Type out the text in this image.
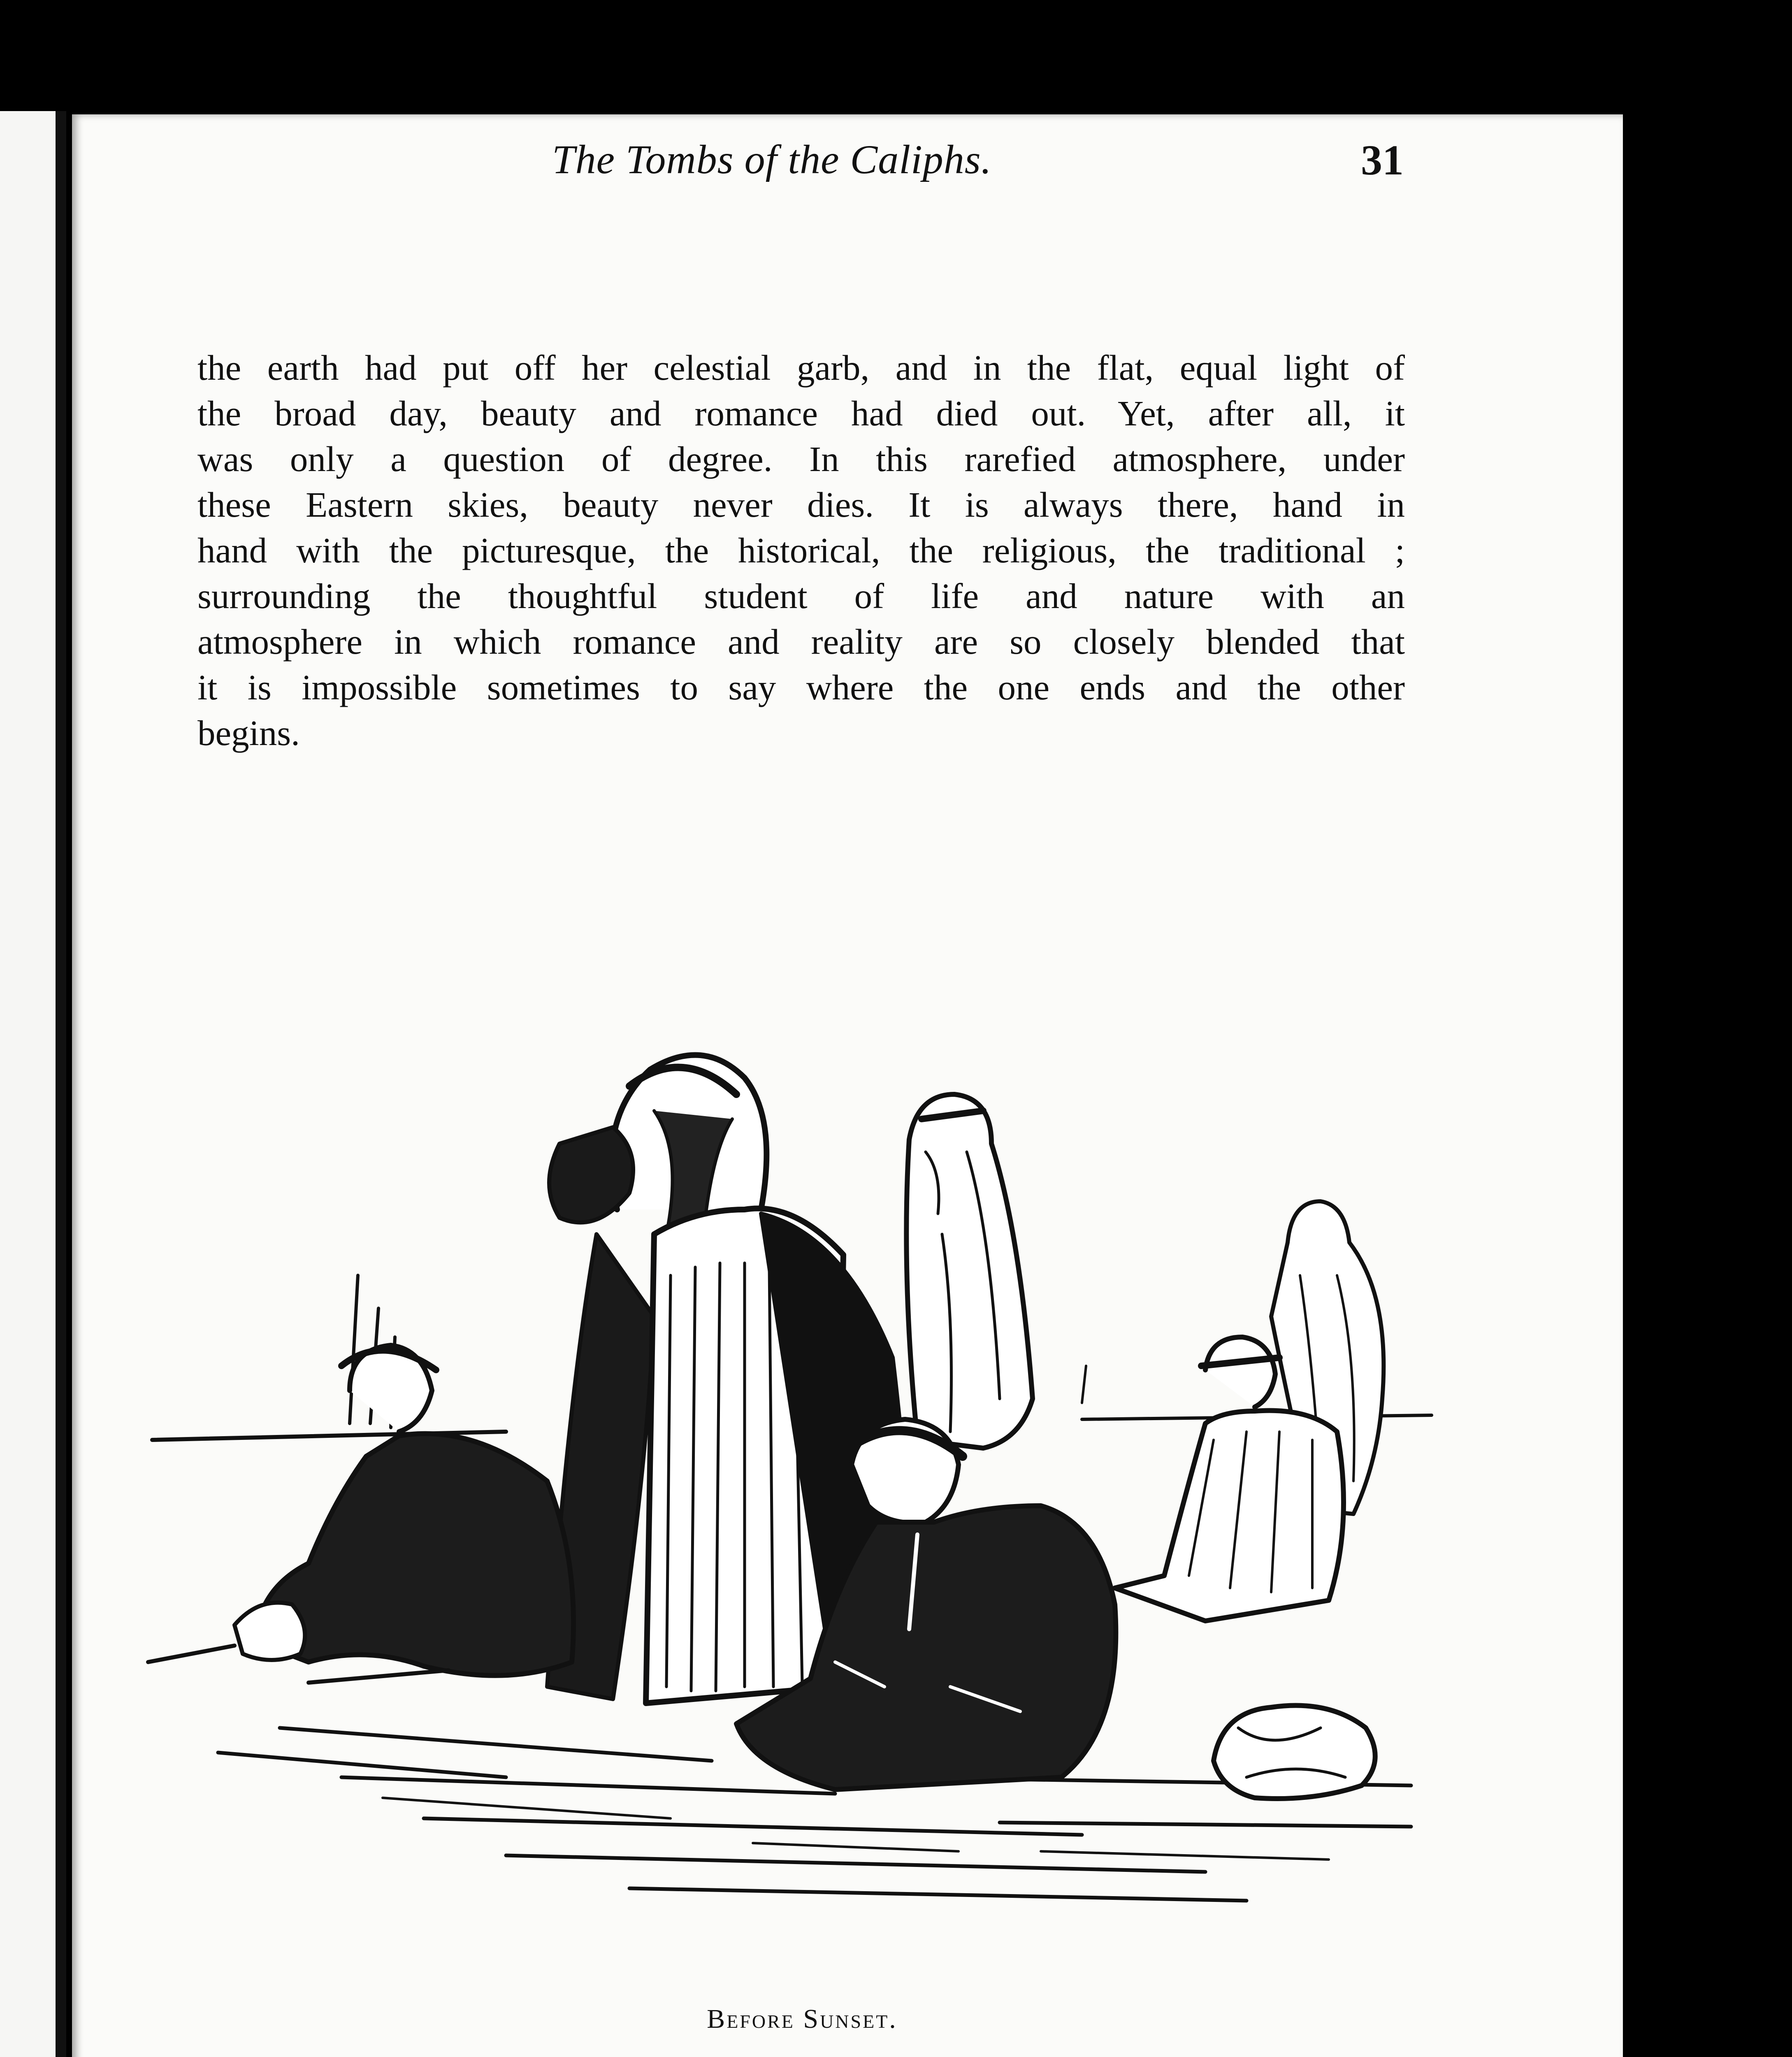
The Tombs of the Caliphs.	31
the earth had put off her celestial garb, and in the flat, equal light of
the broad day, beauty and romance had died out. Yet, after all, it
was only a question of degree. In this rarefied atmosphere, under
these Eastern skies, beauty never dies. It is always there, hand in
hand with the picturesque, the historical, the religious, the traditional ;
surrounding the thoughtful student of life and nature with an
atmosphere in which romance and reality are so closely blended that
it is impossible sometimes to say where the one ends and the other
begins.
Before Sunset.
